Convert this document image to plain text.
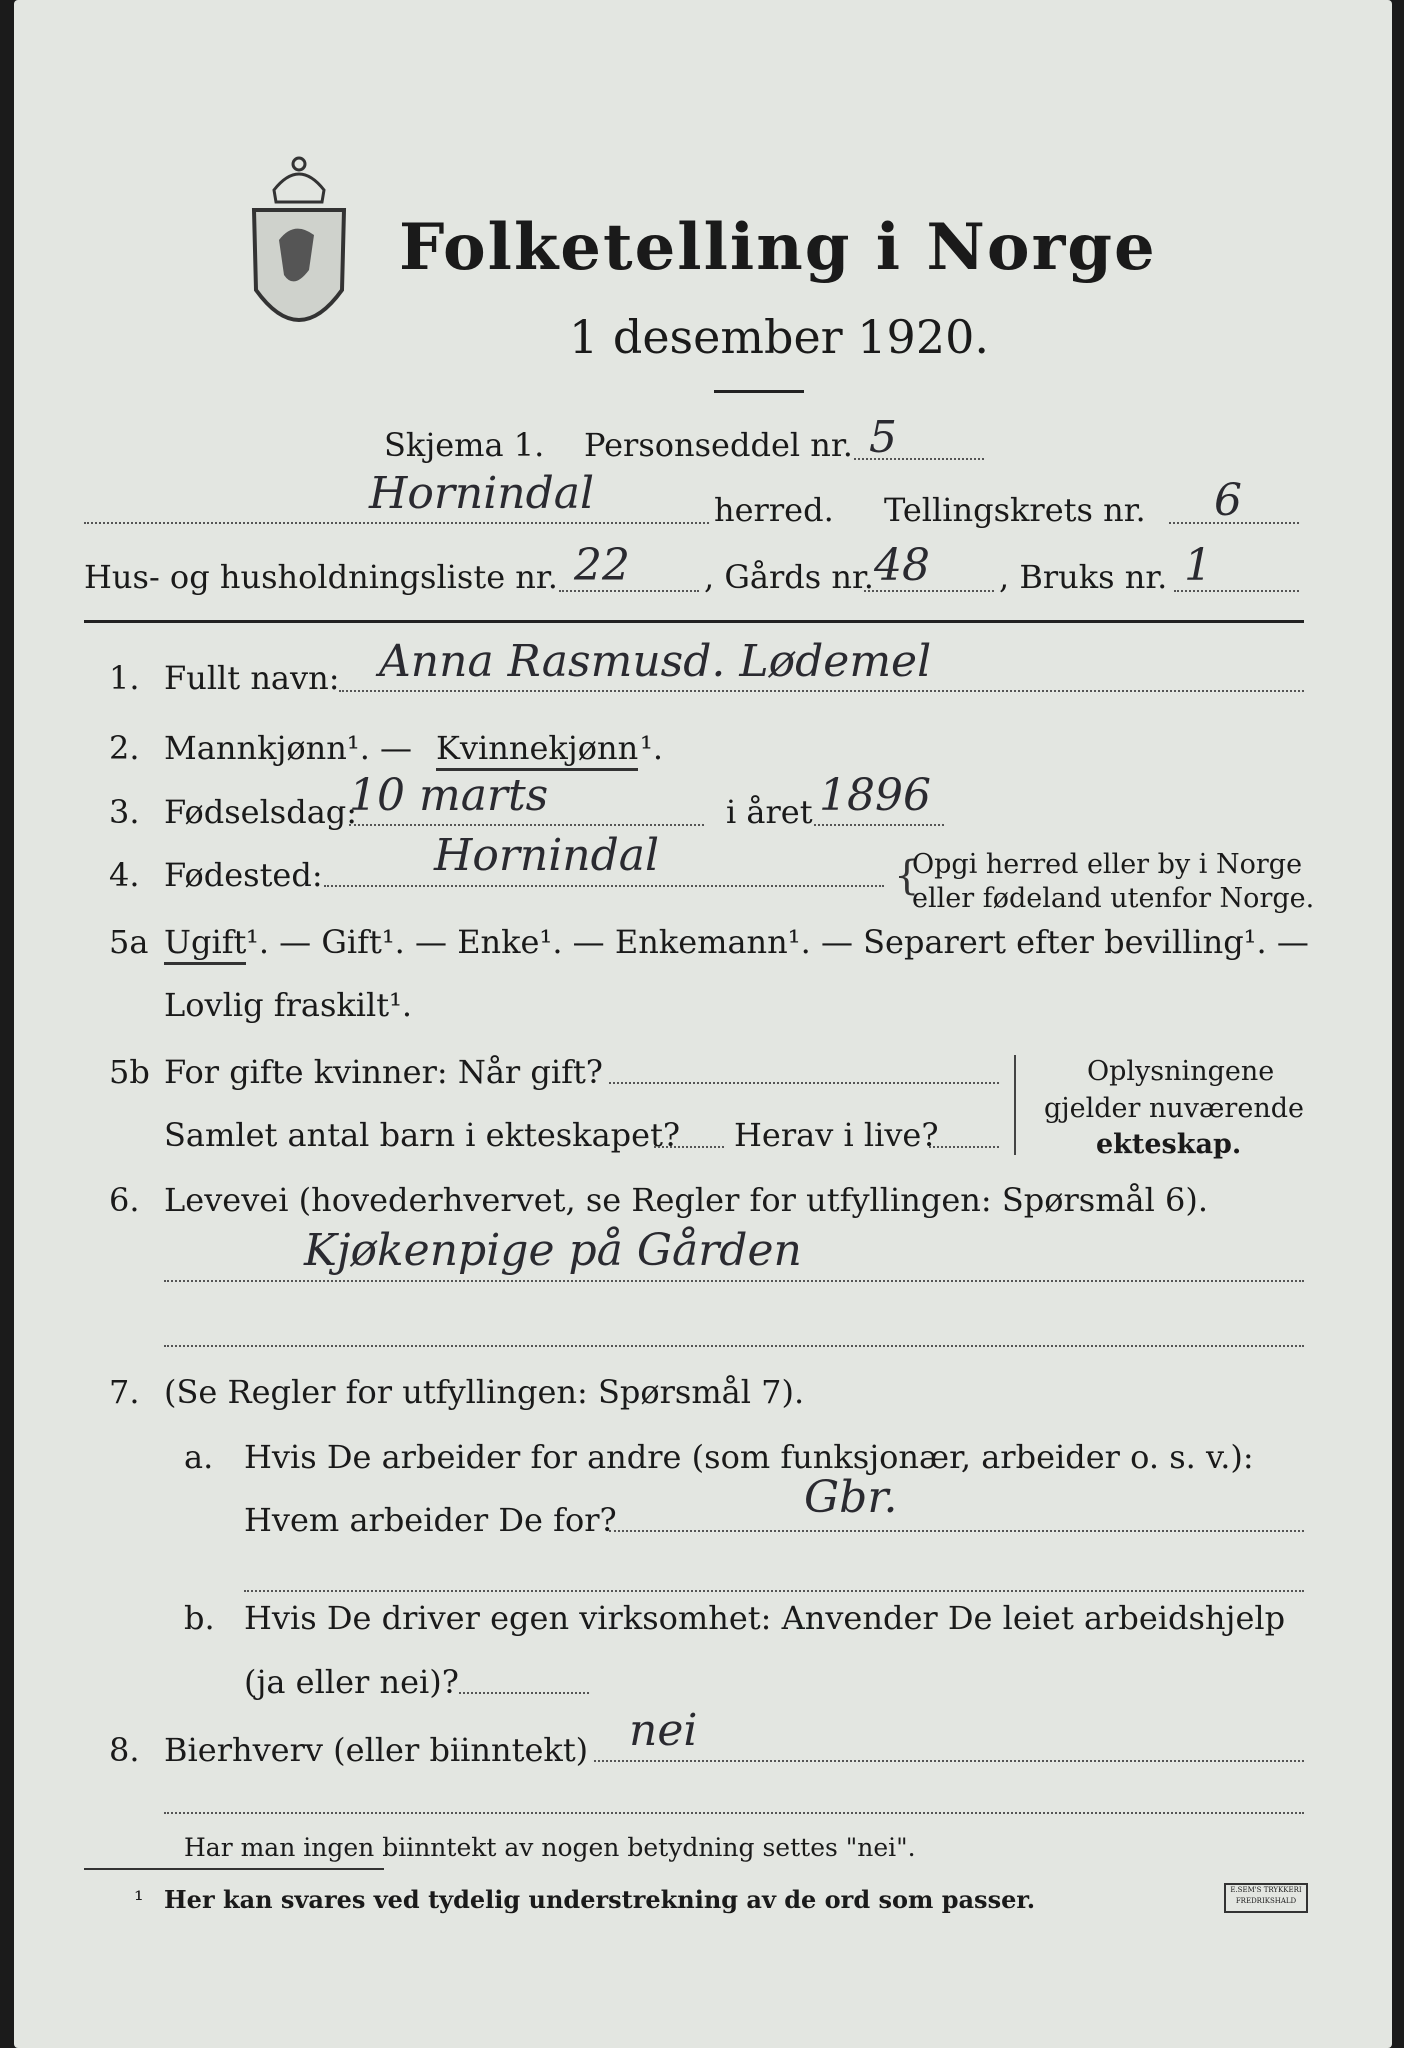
Folketelling i Norge
1 desember 1920.
Skjema 1. Personseddel nr. 5
Hornindal	herred. Tellingskrets nr. 6
Hus- og husholdningsliste nr. 22 , Gårds nr. 48 , Bruks nr. 1
1. Fullt navn: Anna Rasmusd. Lødemel
2. Mannkjønn¹. — Kvinnekjønn ¹.
3. Fødselsdag:
10 marts	i året 1896
4. Fødested:	Hornindal	{
Opgi herred eller by i Norge
eller fødeland utenfor Norge.
5a Ugift ¹. — Gift¹. — Enke¹. — Enkemann¹. — Separert efter bevilling¹. —
Lovlig fraskilt¹.
5b For gifte kvinner: Når gift?
Samlet antal barn i ekteskapet? Herav i live?
Oplysningene
gjelder nuværende
ekteskap.
6. Levevei (hovederhvervet, se Regler for utfyllingen: Spørsmål 6).
Kjøkenpige på Gården
7. (Se Regler for utfyllingen: Spørsmål 7).
a. Hvis De arbeider for andre (som funksjonær, arbeider o. s. v.):
Hvem arbeider De for?	Gbr.
b. Hvis De driver egen virksomhet: Anvender De leiet arbeidshjelp
(ja eller nei)?
8. Bierhverv (eller biinntekt) nei
Har man ingen biinntekt av nogen betydning settes "nei".
¹ Her kan svares ved tydelig understrekning av de ord som passer.	E.SEM'S TRYKKERI FREDRIKSHALD
